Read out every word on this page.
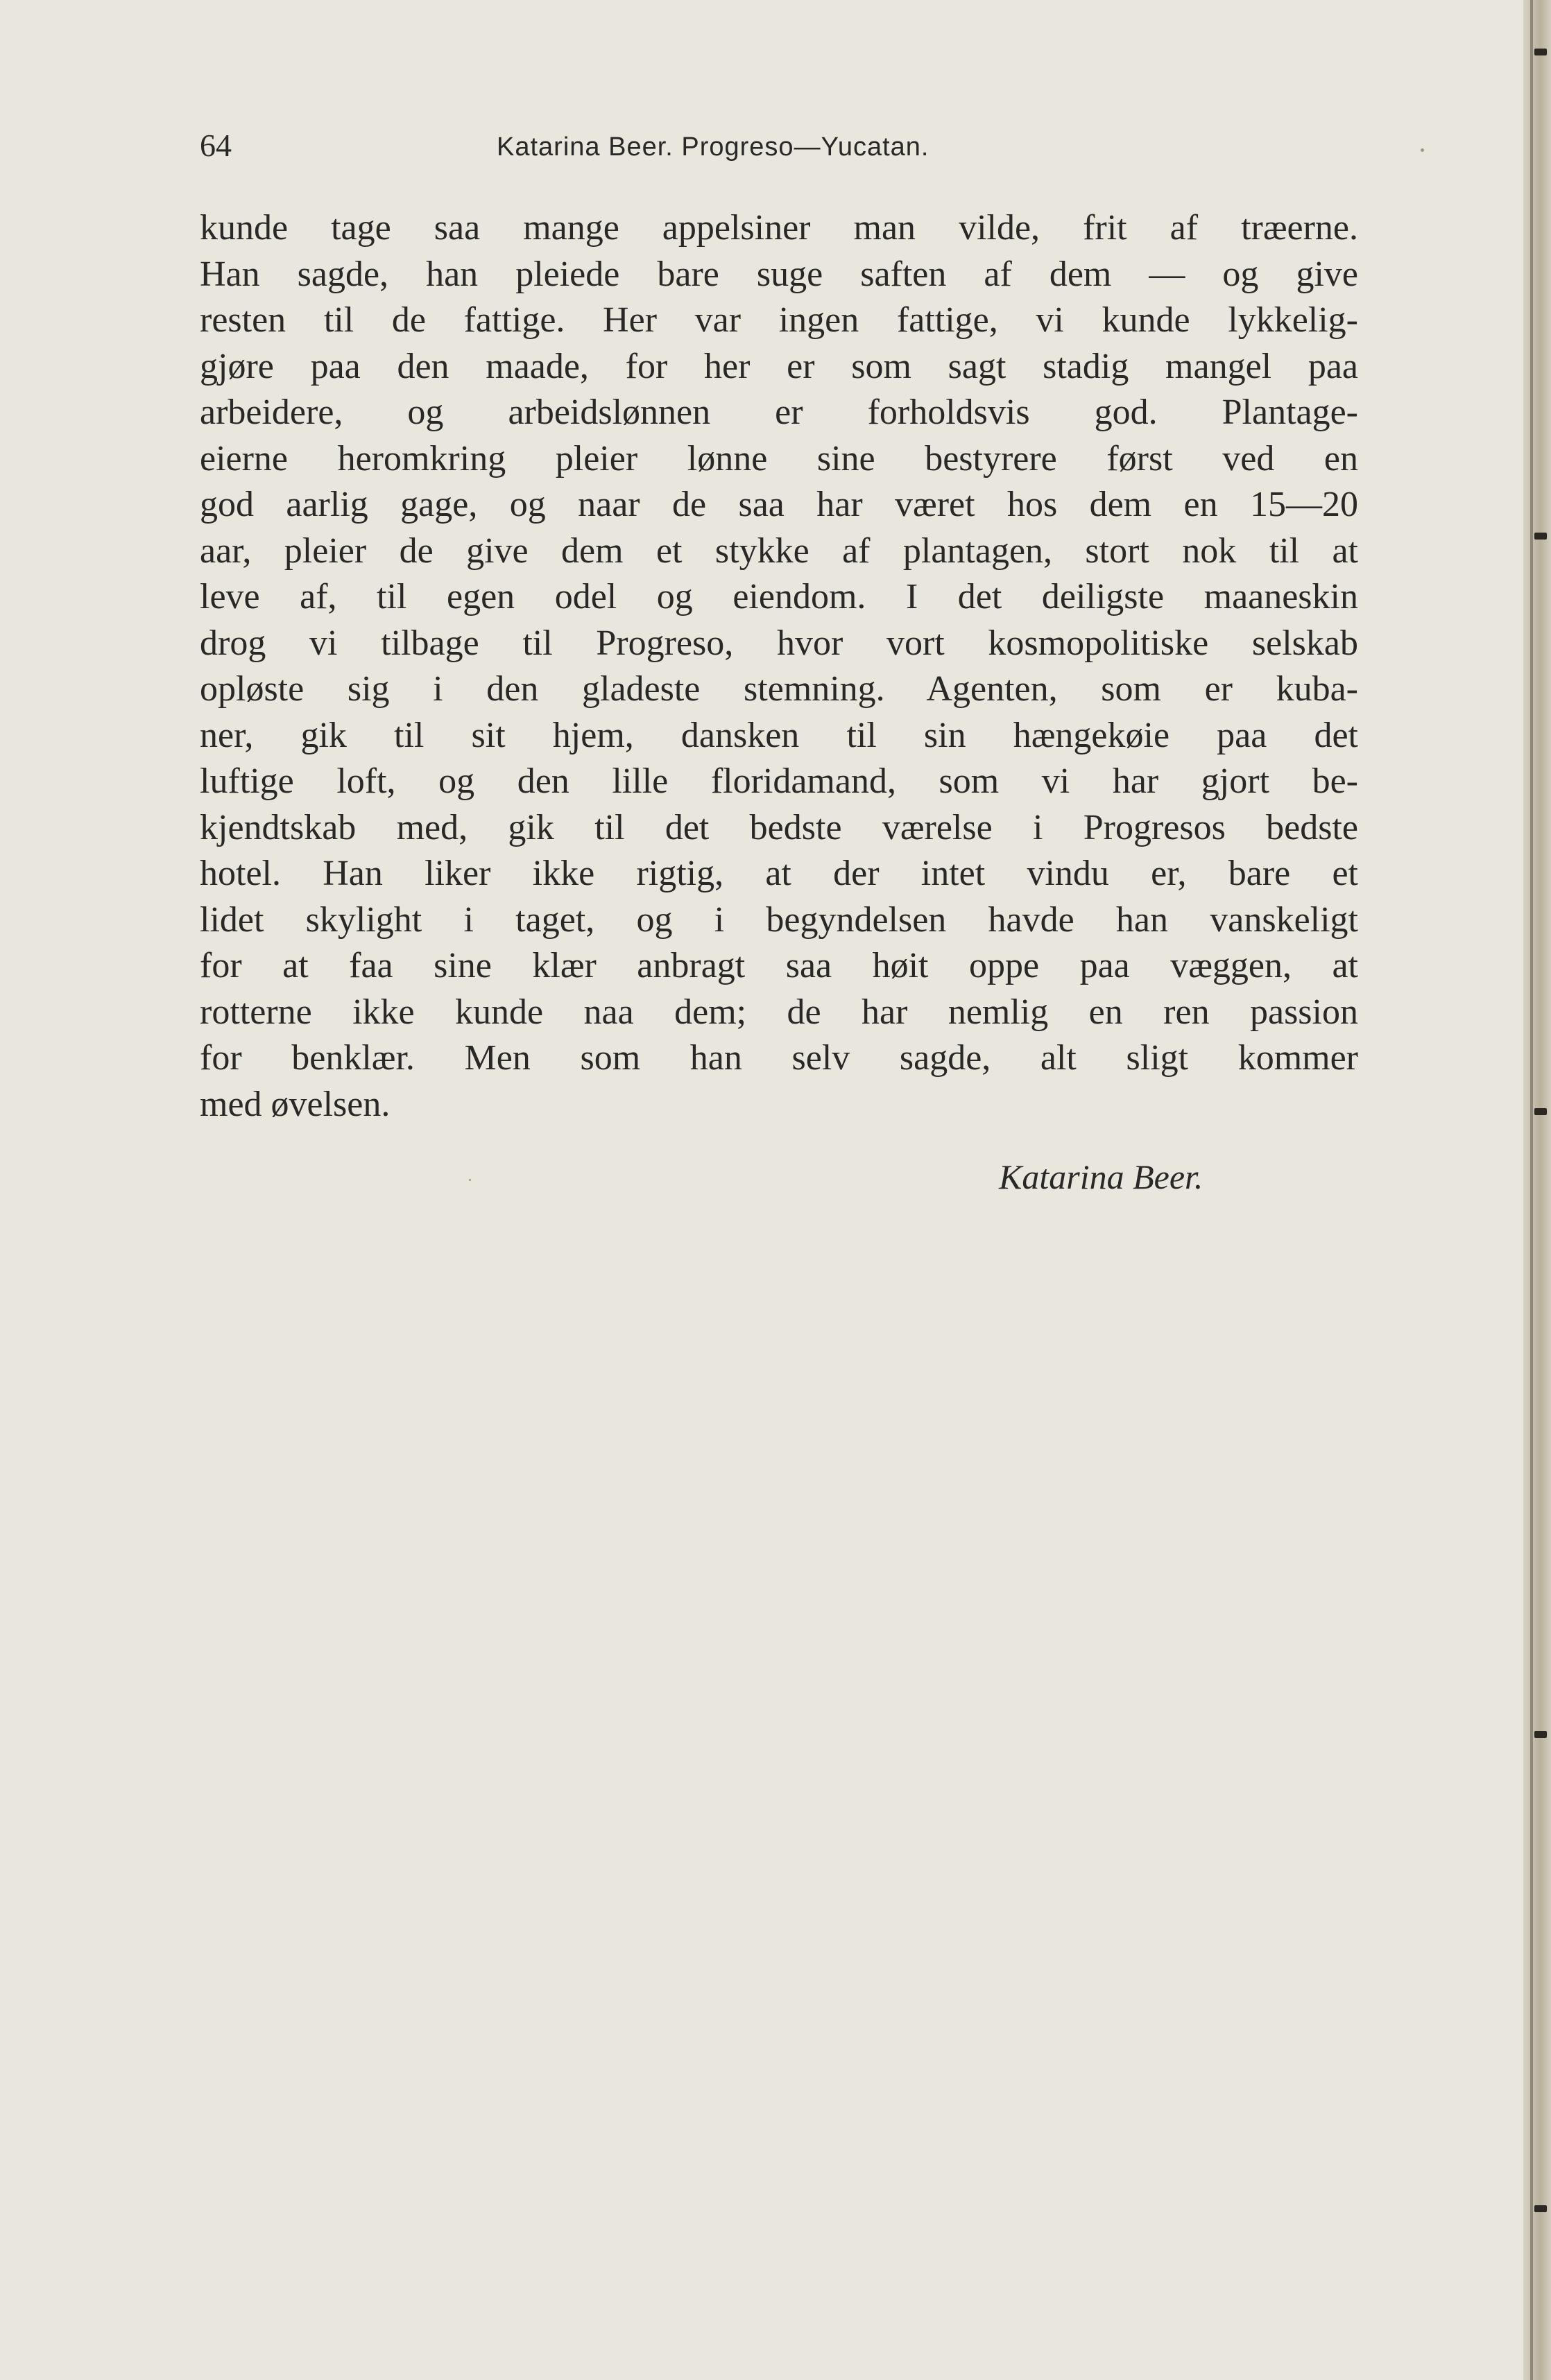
64	Katarina Beer. Progreso—Yucatan.
kunde tage saa mange appelsiner man vilde, frit af træerne.
Han sagde, han pleiede bare suge saften af dem — og give
resten til de fattige. Her var ingen fattige, vi kunde lykkelig-
gjøre paa den maade, for her er som sagt stadig mangel paa
arbeidere, og arbeidslønnen er forholdsvis god. Plantage-
eierne heromkring pleier lønne sine bestyrere først ved en
god aarlig gage, og naar de saa har været hos dem en 15—20
aar, pleier de give dem et stykke af plantagen, stort nok til at
leve af, til egen odel og eiendom. I det deiligste maaneskin
drog vi tilbage til Progreso, hvor vort kosmopolitiske selskab
opløste sig i den gladeste stemning. Agenten, som er kuba-
ner, gik til sit hjem, dansken til sin hængekøie paa det
luftige loft, og den lille floridamand, som vi har gjort be-
kjendtskab med, gik til det bedste værelse i Progresos bedste
hotel. Han liker ikke rigtig, at der intet vindu er, bare et
lidet skylight i taget, og i begyndelsen havde han vanskeligt
for at faa sine klær anbragt saa høit oppe paa væggen, at
rotterne ikke kunde naa dem; de har nemlig en ren passion
for benklær. Men som han selv sagde, alt sligt kommer
med øvelsen.
Katarina Beer.
